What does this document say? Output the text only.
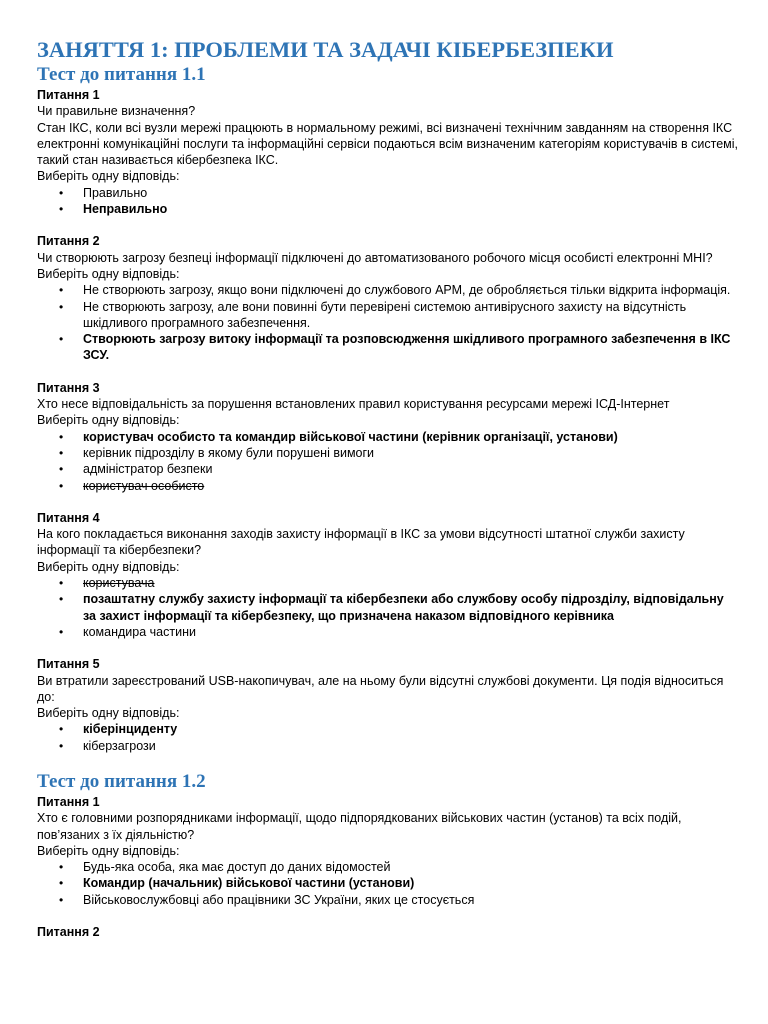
ЗАНЯТТЯ 1: ПРОБЛЕМИ ТА ЗАДАЧІ КІБЕРБЕЗПЕКИ
Тест до питання 1.1

Питання 1

Чи правильне визначення?

Стан ІКС, коли всі вузли мережі працюють в нормальному режимі, всі визначені технічним завданням на створення ІКС електронні комунікаційні послуги та інформаційні сервіси подаються всім визначеним категоріям користувачів в системі, такий стан називається кібербезпека ІКС.

Виберіть одну відповідь:

• Правильно
• Неправильно

Питання 2

Чи створюють загрозу безпеці інформації підключені до автоматизованого робочого місця особисті електронні МНІ?

Виберіть одну відповідь:

• Не створюють загрозу, якщо вони підключені до службового АРМ, де обробляється тільки відкрита інформація.
• Не створюють загрозу, але вони повинні бути перевірені системою антивірусного захисту на відсутність шкідливого програмного забезпечення.
• Створюють загрозу витоку інформації та розповсюдження шкідливого програмного забезпечення в ІКС ЗСУ.

Питання 3

Хто несе відповідальність за порушення встановлених правил користування ресурсами мережі ІСД-Інтернет

Виберіть одну відповідь:

• користувач особисто та командир військової частини (керівник організації, установи)
• керівник підрозділу в якому були порушені вимоги
• адміністратор безпеки
• користувач особисто

Питання 4

На кого покладається виконання заходів захисту інформації в ІКС за умови відсутності штатної служби захисту інформації та кібербезпеки?

Виберіть одну відповідь:

• користувача
• позаштатну службу захисту інформації та кібербезпеки або службову особу підрозділу, відповідальну за захист інформації та кібербезпеку, що призначена наказом відповідного керівника
• командира частини

Питання 5

Ви втратили зареєстрований USB-накопичувач, але на ньому були відсутні службові документи. Ця подія відноситься до:

Виберіть одну відповідь:

• кіберінциденту
• кіберзагрози
Тест до питання 1.2

Питання 1

Хто є головними розпорядниками інформації, щодо підпорядкованих військових частин (установ) та всіх подій, пов’язаних з їх діяльністю?

Виберіть одну відповідь:

• Будь-яка особа, яка має доступ до даних відомостей
• Командир (начальник) військової частини (установи)
• Військовослужбовці або працівники ЗС України, яких це стосується

Питання 2
